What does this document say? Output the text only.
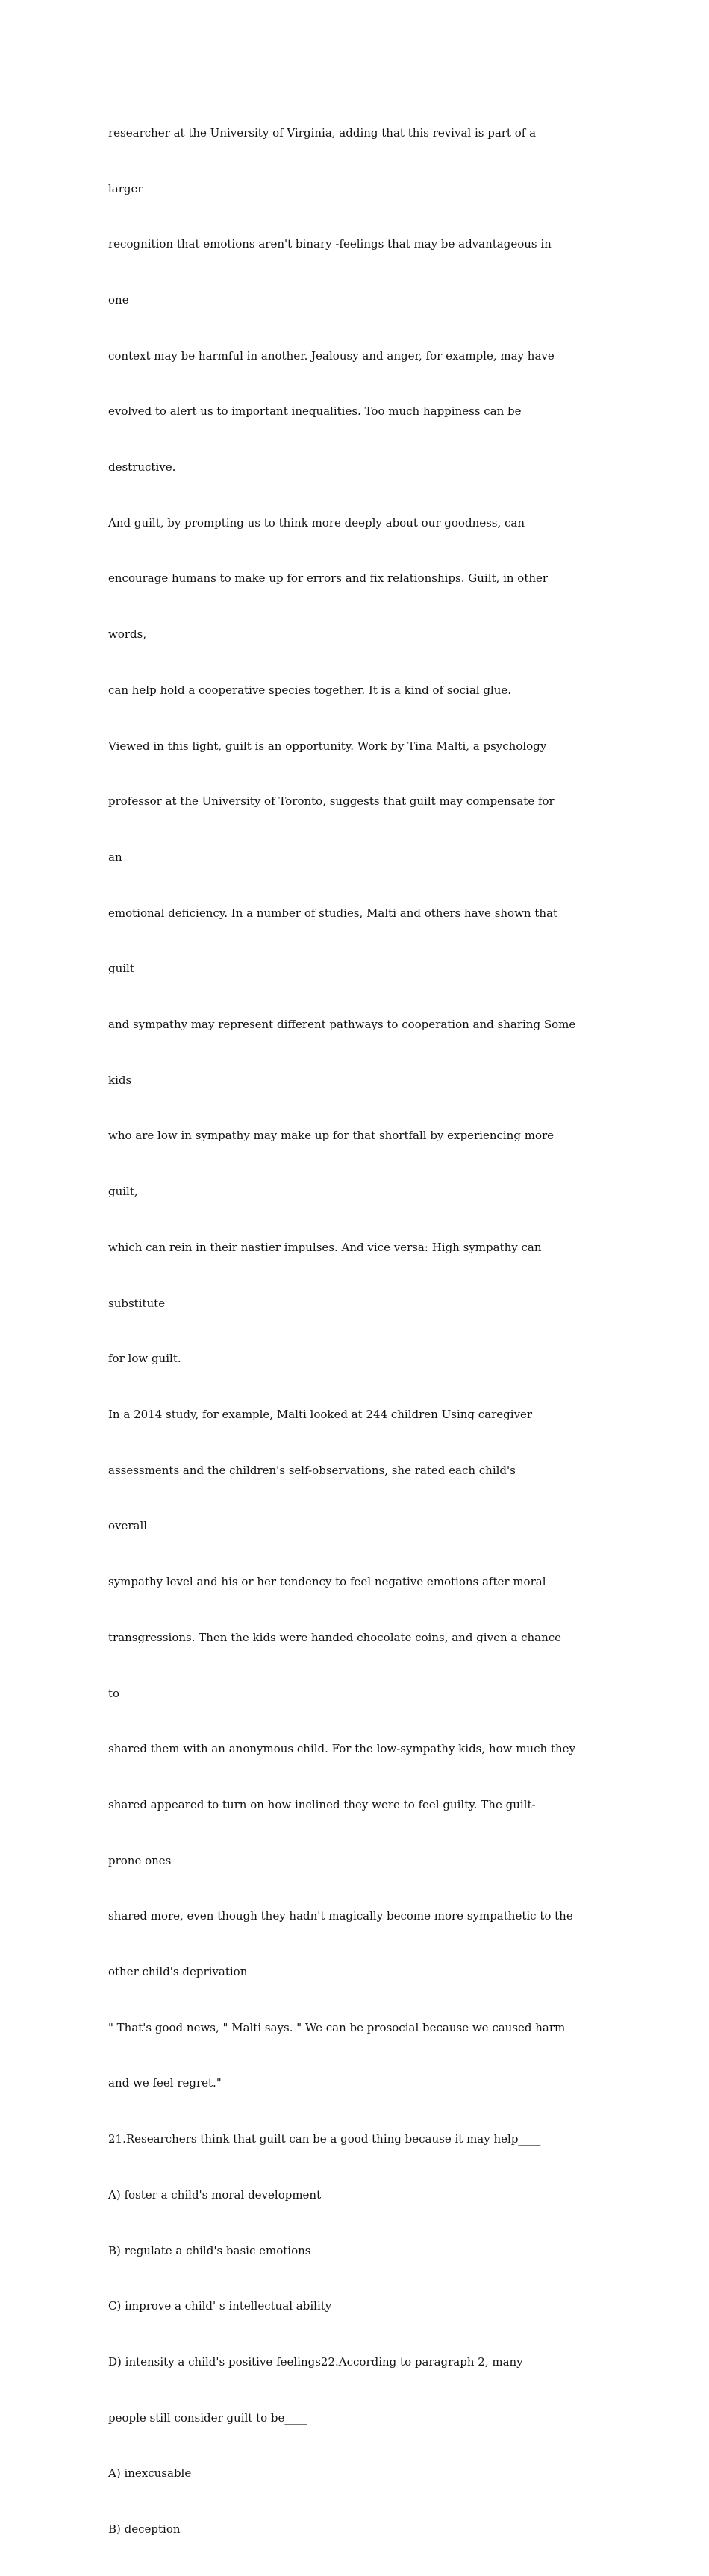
researcher at the University of Virginia, adding that this revival is part of a

larger

recognition that emotions aren't binary -feelings that may be advantageous in

one

context may be harmful in another. Jealousy and anger, for example, may have

evolved to alert us to important inequalities. Too much happiness can be

destructive.

And guilt, by prompting us to think more deeply about our goodness, can

encourage humans to make up for errors and fix relationships. Guilt, in other

words,

can help hold a cooperative species together. It is a kind of social glue.

Viewed in this light, guilt is an opportunity. Work by Tina Malti, a psychology

professor at the University of Toronto, suggests that guilt may compensate for

an

emotional deficiency. In a number of studies, Malti and others have shown that

guilt

and sympathy may represent different pathways to cooperation and sharing Some

kids

who are low in sympathy may make up for that shortfall by experiencing more

guilt,

which can rein in their nastier impulses. And vice versa: High sympathy can

substitute

for low guilt.

In a 2014 study, for example, Malti looked at 244 children Using caregiver

assessments and the children's self-observations, she rated each child's

overall

sympathy level and his or her tendency to feel negative emotions after moral

transgressions. Then the kids were handed chocolate coins, and given a chance

to

shared them with an anonymous child. For the low-sympathy kids, how much they

shared appeared to turn on how inclined they were to feel guilty. The guilt-

prone ones

shared more, even though they hadn't magically become more sympathetic to the

other child's deprivation

" That's good news, " Malti says. " We can be prosocial because we caused harm

and we feel regret."

21.Researchers think that guilt can be a good thing because it may help____

A) foster a child's moral development

B) regulate a child's basic emotions

C) improve a child' s intellectual ability

D) intensity a child's positive feelings22.According to paragraph 2, many

people still consider guilt to be____

A) inexcusable

B) deception
